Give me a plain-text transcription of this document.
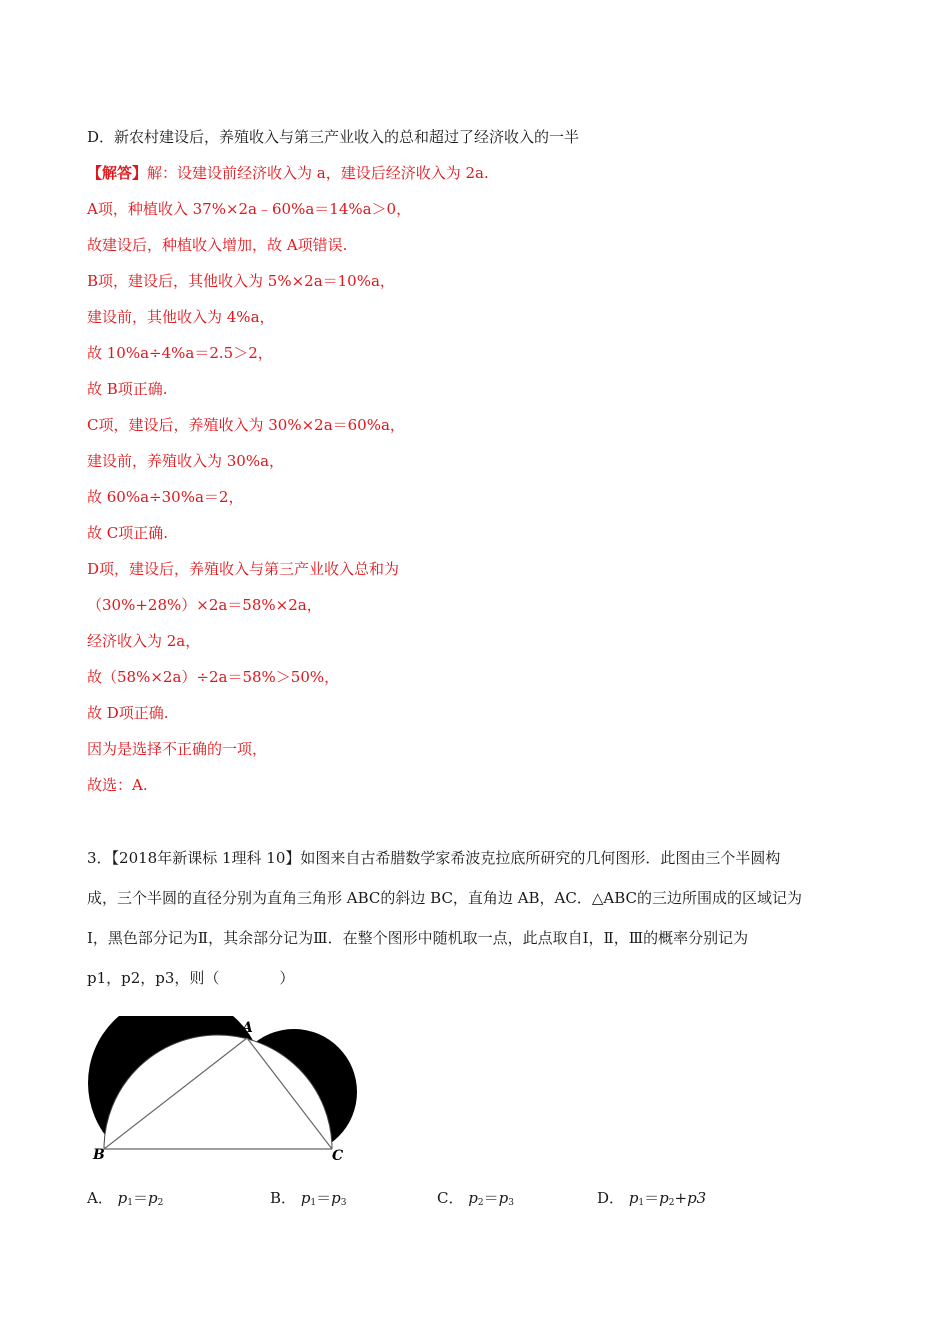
D．新农村建设后，养殖收入与第三产业收入的总和超过了经济收入的一半
【解答】解：设建设前经济收入为 a，建设后经济收入为 2a.
A项，种植收入 37%×2a﹣60%a＝14%a＞0，
故建设后，种植收入增加，故 A项错误.
B项，建设后，其他收入为 5%×2a＝10%a，
建设前，其他收入为 4%a，
故 10%a÷4%a＝2.5＞2，
故 B项正确.
C项，建设后，养殖收入为 30%×2a＝60%a，
建设前，养殖收入为 30%a，
故 60%a÷30%a＝2，
故 C项正确.
D项，建设后，养殖收入与第三产业收入总和为
（30%+28%）×2a＝58%×2a，
经济收入为 2a，
故（58%×2a）÷2a＝58%＞50%，
故 D项正确.
因为是选择不正确的一项，
故选：A.
3．【2018年新课标 1理科 10】如图来自古希腊数学家希波克拉底所研究的几何图形．此图由三个半圆构
成，三个半圆的直径分别为直角三角形 ABC的斜边 BC，直角边 AB，AC．△ABC的三边所围成的区域记为
I，黑色部分记为Ⅱ，其余部分记为Ⅲ．在整个图形中随机取一点，此点取自Ⅰ，Ⅱ，Ⅲ的概率分别记为
p1，p2，p3，则（　　　　）
A
B	C
A． $p_1=p_2$	B． $p_1=p_3$	C． $p_2=p_3$	D． $p_1=p_2+p3$
